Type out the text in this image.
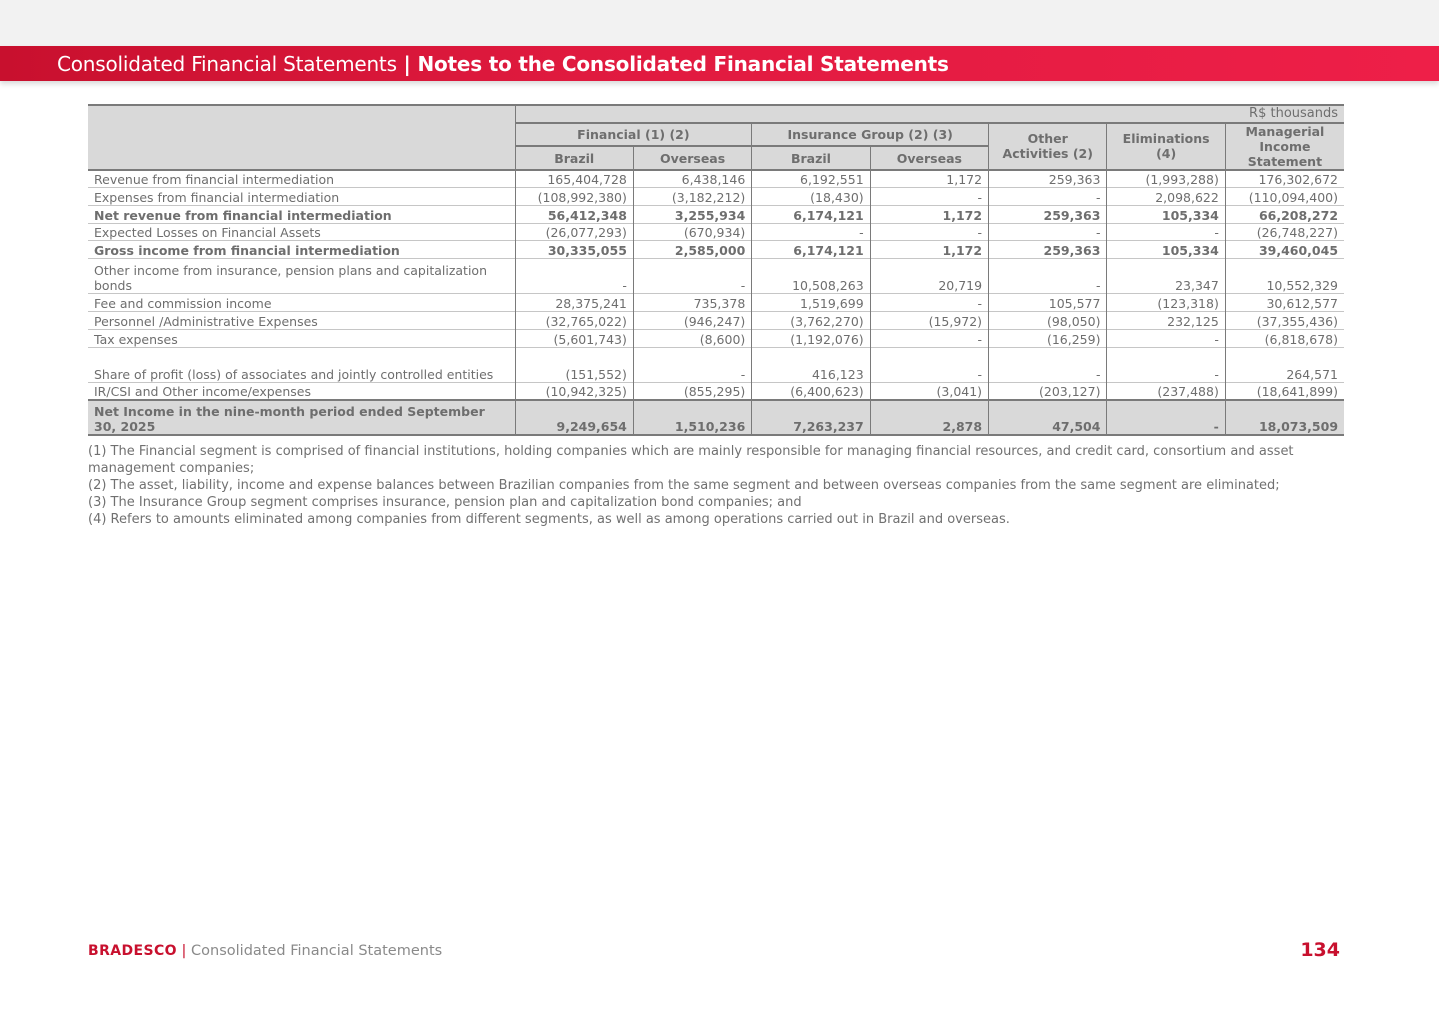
Consolidated Financial Statements | Notes to the Consolidated Financial Statements
	R$ thousands						
	Financial (1) (2)		Insurance Group (2) (3)		Other Activities (2)	Eliminations (4)	Managerial Income Statement
	Brazil	Overseas	Brazil	Overseas			
Revenue from financial intermediation	165,404,728	6,438,146	6,192,551	1,172	259,363	(1,993,288)	176,302,672
Expenses from financial intermediation	(108,992,380)	(3,182,212)	(18,430)	-	-	2,098,622	(110,094,400)
Net revenue from financial intermediation	56,412,348	3,255,934	6,174,121	1,172	259,363	105,334	66,208,272
Expected Losses on Financial Assets	(26,077,293)	(670,934)	-	-	-	-	(26,748,227)
Gross income from financial intermediation	30,335,055	2,585,000	6,174,121	1,172	259,363	105,334	39,460,045
Other income from insurance, pension plans and capitalization bonds	-	-	10,508,263	20,719	-	23,347	10,552,329
Fee and commission income	28,375,241	735,378	1,519,699	-	105,577	(123,318)	30,612,577
Personnel /Administrative Expenses	(32,765,022)	(946,247)	(3,762,270)	(15,972)	(98,050)	232,125	(37,355,436)
Tax expenses	(5,601,743)	(8,600)	(1,192,076)	-	(16,259)	-	(6,818,678)
Share of profit (loss) of associates and jointly controlled entities	(151,552)	-	416,123	-	-	-	264,571
IR/CSI and Other income/expenses	(10,942,325)	(855,295)	(6,400,623)	(3,041)	(203,127)	(237,488)	(18,641,899)
Net Income in the nine-month period ended September 30, 2025	9,249,654	1,510,236	7,263,237	2,878	47,504	-	18,073,509

(1) The Financial segment is comprised of financial institutions, holding companies which are mainly responsible for managing financial resources, and credit card, consortium and asset management companies;

(2) The asset, liability, income and expense balances between Brazilian companies from the same segment and between overseas companies from the same segment are eliminated;

(3) The Insurance Group segment comprises insurance, pension plan and capitalization bond companies; and

(4) Refers to amounts eliminated among companies from different segments, as well as among operations carried out in Brazil and overseas.

BRADESCO | Consolidated Financial Statements	134
